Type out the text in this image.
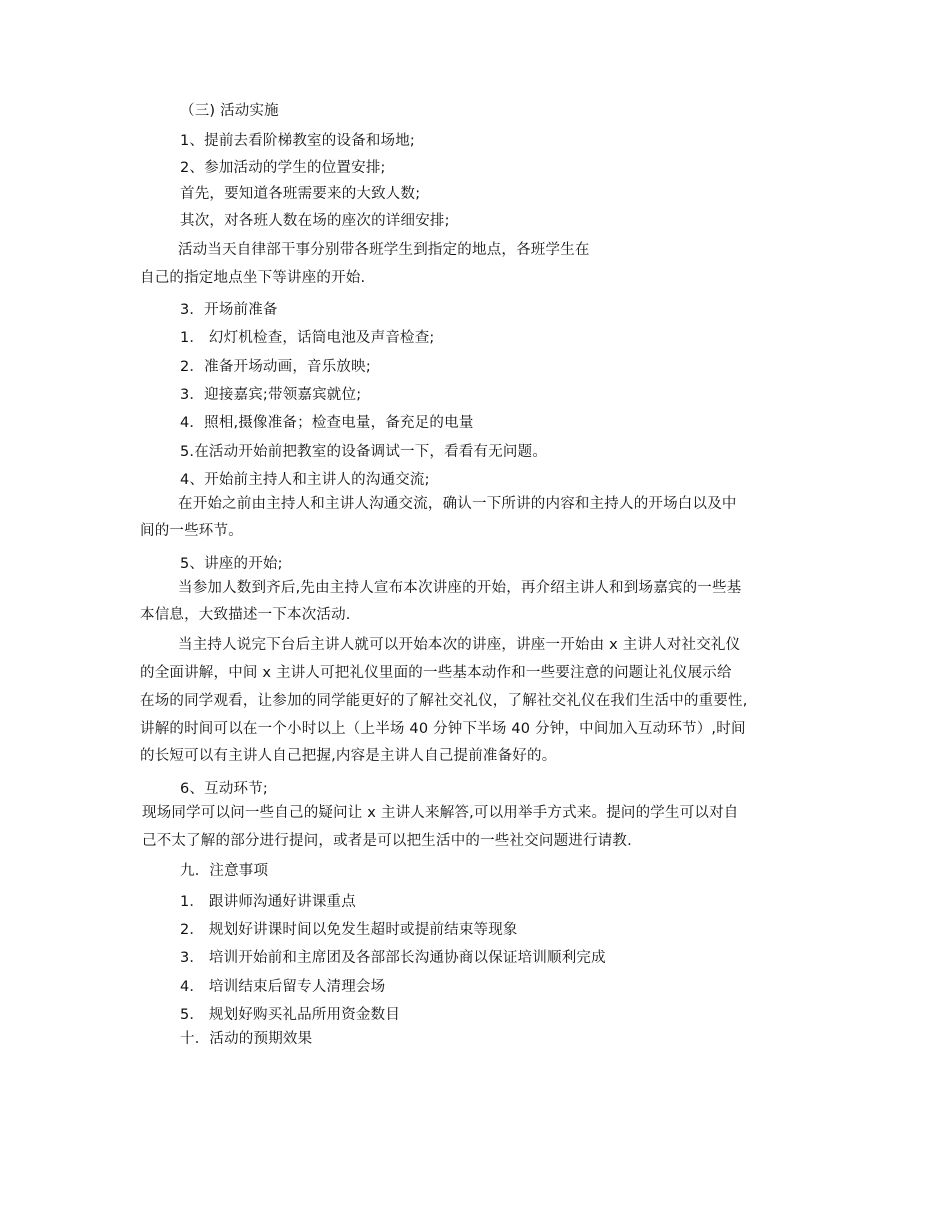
（三) 活动实施
1、提前去看阶梯教室的设备和场地;
2、参加活动的学生的位置安排;
首先，要知道各班需要来的大致人数;
其次，对各班人数在场的座次的详细安排;
活动当天自律部干事分别带各班学生到指定的地点，各班学生在
自己的指定地点坐下等讲座的开始.
3．开场前准备
1． 幻灯机检查，话筒电池及声音检查;
2．准备开场动画，音乐放映;
3．迎接嘉宾;带领嘉宾就位;
4．照相,摄像准备；检查电量，备充足的电量
5.在活动开始前把教室的设备调试一下，看看有无问题。
4、开始前主持人和主讲人的沟通交流;
在开始之前由主持人和主讲人沟通交流，确认一下所讲的内容和主持人的开场白以及中
间的一些环节。
5、讲座的开始;
当参加人数到齐后,先由主持人宣布本次讲座的开始，再介绍主讲人和到场嘉宾的一些基
本信息，大致描述一下本次活动.
当主持人说完下台后主讲人就可以开始本次的讲座，讲座一开始由 x 主讲人对社交礼仪
的全面讲解，中间 x 主讲人可把礼仪里面的一些基本动作和一些要注意的问题让礼仪展示给
在场的同学观看，让参加的同学能更好的了解社交礼仪，了解社交礼仪在我们生活中的重要性,
讲解的时间可以在一个小时以上（上半场 40 分钟下半场 40 分钟，中间加入互动环节）,时间
的长短可以有主讲人自己把握,内容是主讲人自己提前准备好的。
6、互动环节;
现场同学可以问一些自己的疑问让 x 主讲人来解答,可以用举手方式来。提问的学生可以对自
己不太了解的部分进行提问，或者是可以把生活中的一些社交问题进行请教.
九．注意事项
1． 跟讲师沟通好讲课重点
2． 规划好讲课时间以免发生超时或提前结束等现象
3． 培训开始前和主席团及各部部长沟通协商以保证培训顺利完成
4． 培训结束后留专人清理会场
5． 规划好购买礼品所用资金数目
十．活动的预期效果
